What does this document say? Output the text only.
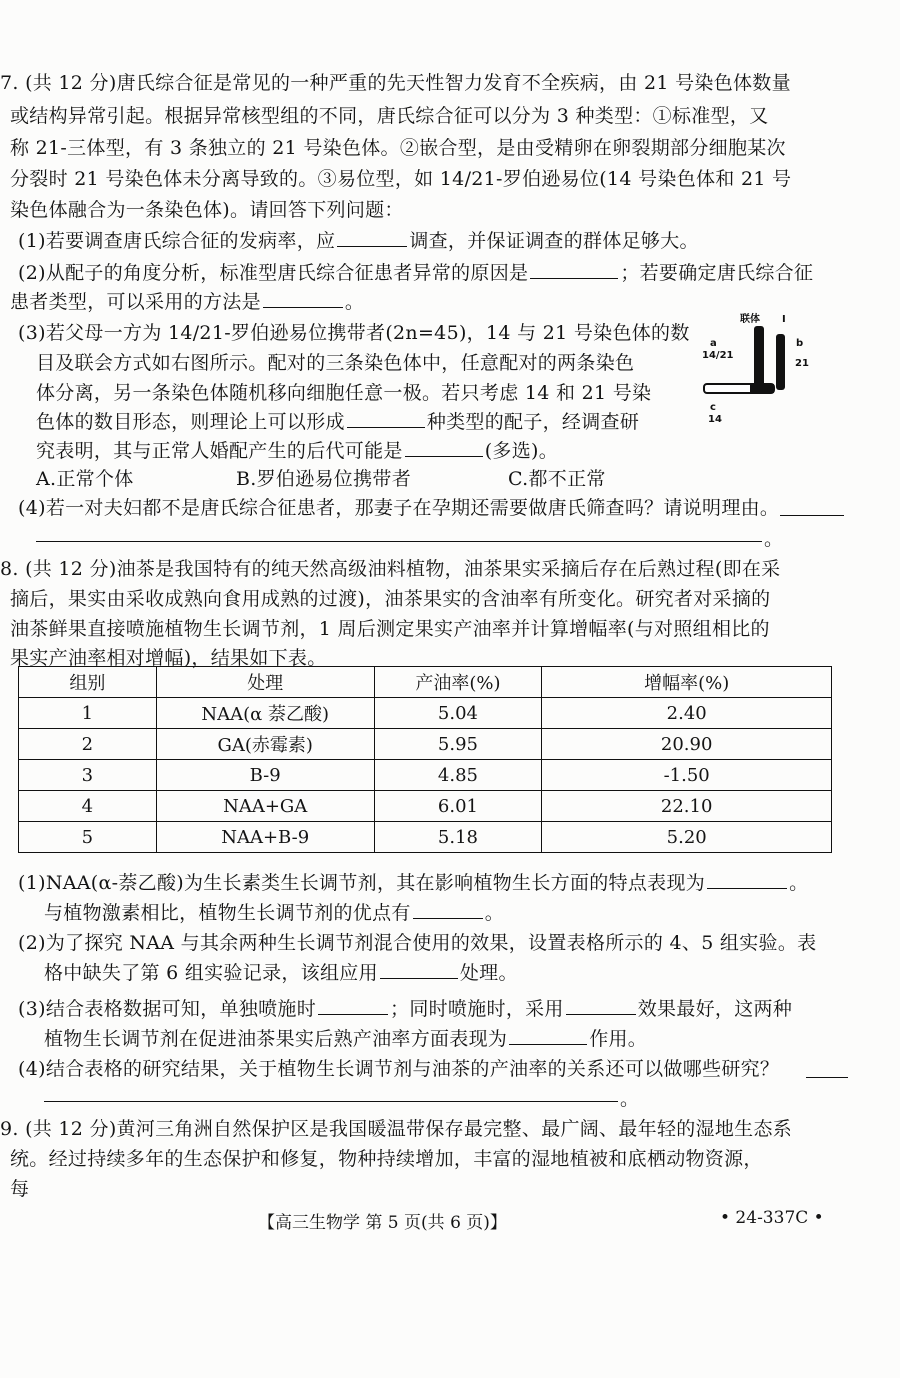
7. (共 12 分)唐氏综合征是常见的一种严重的先天性智力发育不全疾病，由 21 号染色体数量
或结构异常引起。根据异常核型组的不同，唐氏综合征可以分为 3 种类型：①标准型，又
称 21-三体型，有 3 条独立的 21 号染色体。②嵌合型，是由受精卵在卵裂期部分细胞某次
分裂时 21 号染色体未分离导致的。③易位型，如 14/21-罗伯逊易位(14 号染色体和 21 号
染色体融合为一条染色体)。请回答下列问题：
(1)若要调查唐氏综合征的发病率，应	调查，并保证调查的群体足够大。
(2)从配子的角度分析，标准型唐氏综合征患者异常的原因是	；若要确定唐氏综合征
患者类型，可以采用的方法是	。
(3)若父母一方为 14/21-罗伯逊易位携带者(2n=45)，14 与 21 号染色体的数
目及联会方式如右图所示。配对的三条染色体中，任意配对的两条染色
体分离，另一条染色体随机移向细胞任意一极。若只考虑 14 和 21 号染
色体的数目形态，则理论上可以形成	种类型的配子，经调查研
究表明，其与正常人婚配产生的后代可能是	(多选)。
A.正常个体	B.罗伯逊易位携带者	C.都不正常
联体 I
a
14/21
b
21
c
14
(4)若一对夫妇都不是唐氏综合征患者，那妻子在孕期还需要做唐氏筛查吗？请说明理由。
。
8. (共 12 分)油茶是我国特有的纯天然高级油料植物，油茶果实采摘后存在后熟过程(即在采
摘后，果实由采收成熟向食用成熟的过渡)，油茶果实的含油率有所变化。研究者对采摘的
油茶鲜果直接喷施植物生长调节剂，1 周后测定果实产油率并计算增幅率(与对照组相比的
果实产油率相对增幅)，结果如下表。
组别	处理	产油率(%)	增幅率(%)
1	NAA(α 萘乙酸)	5.04	2.40
2	GA(赤霉素)	5.95	20.90
3	B-9	4.85	-1.50
4	NAA+GA	6.01	22.10
5	NAA+B-9	5.18	5.20
(1)NAA(α-萘乙酸)为生长素类生长调节剂，其在影响植物生长方面的特点表现为	。
与植物激素相比，植物生长调节剂的优点有	。
(2)为了探究 NAA 与其余两种生长调节剂混合使用的效果，设置表格所示的 4、5 组实验。表
格中缺失了第 6 组实验记录，该组应用	处理。
(3)结合表格数据可知，单独喷施时	；同时喷施时，采用	效果最好，这两种
植物生长调节剂在促进油茶果实后熟产油率方面表现为	作用。
(4)结合表格的研究结果，关于植物生长调节剂与油茶的产油率的关系还可以做哪些研究？
。
9. (共 12 分)黄河三角洲自然保护区是我国暖温带保存最完整、最广阔、最年轻的湿地生态系
统。经过持续多年的生态保护和修复，物种持续增加，丰富的湿地植被和底栖动物资源，
每
【高三生物学 第 5 页(共 6 页)】	• 24-337C •
